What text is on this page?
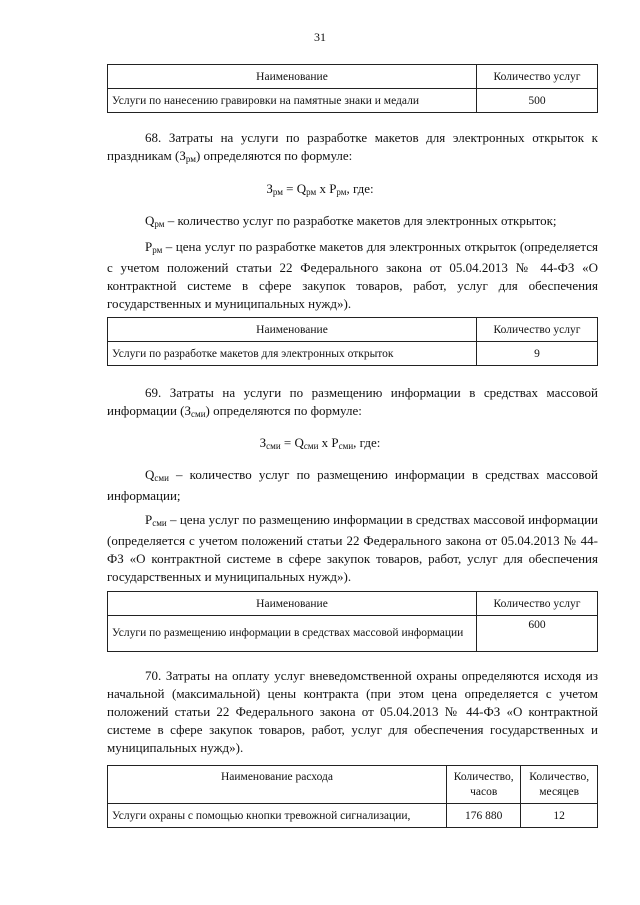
31
Наименование	Количество услуг
Услуги по нанесению гравировки на памятные знаки и медали	500

68. Затраты на услуги по разработке макетов для электронных открыток к праздникам $(З_{рм})$ определяются по формуле:

$З_{рм} = Q_{рм}$ x $P_{рм}$, где:

$Q_{рм}$ – количество услуг по разработке макетов для электронных открыток;

$P_{рм}$ – цена услуг по разработке макетов для электронных открыток (определяется с учетом положений статьи 22 Федерального закона от 05.04.2013 № 44-ФЗ «О контрактной системе в сфере закупок товаров, работ, услуг для обеспечения государственных и муниципальных нужд»).

Наименование	Количество услуг
Услуги по разработке макетов для электронных открыток	9

69. Затраты на услуги по размещению информации в средствах массовой информации $(З_{сми})$ определяются по формуле:

$З_{сми} = Q_{сми}$ x $P_{сми}$, где:

$Q_{сми}$ – количество услуг по размещению информации в средствах массовой информации;

$P_{сми}$ – цена услуг по размещению информации в средствах массовой информации (определяется с учетом положений статьи 22 Федерального закона от 05.04.2013 № 44-ФЗ «О контрактной системе в сфере закупок товаров, работ, услуг для обеспечения государственных и муниципальных нужд»).

Наименование	Количество услуг
Услуги по размещению информации в средствах массовой информации	600

70. Затраты на оплату услуг вневедомственной охраны определяются исходя из начальной (максимальной) цены контракта (при этом цена определяется с учетом положений статьи 22 Федерального закона от 05.04.2013 № 44-ФЗ «О контрактной системе в сфере закупок товаров, работ, услуг для обеспечения государственных и муниципальных нужд»).

Наименование расхода	Количество, часов	Количество, месяцев
Услуги охраны с помощью кнопки тревожной сигнализации,	176 880	12
